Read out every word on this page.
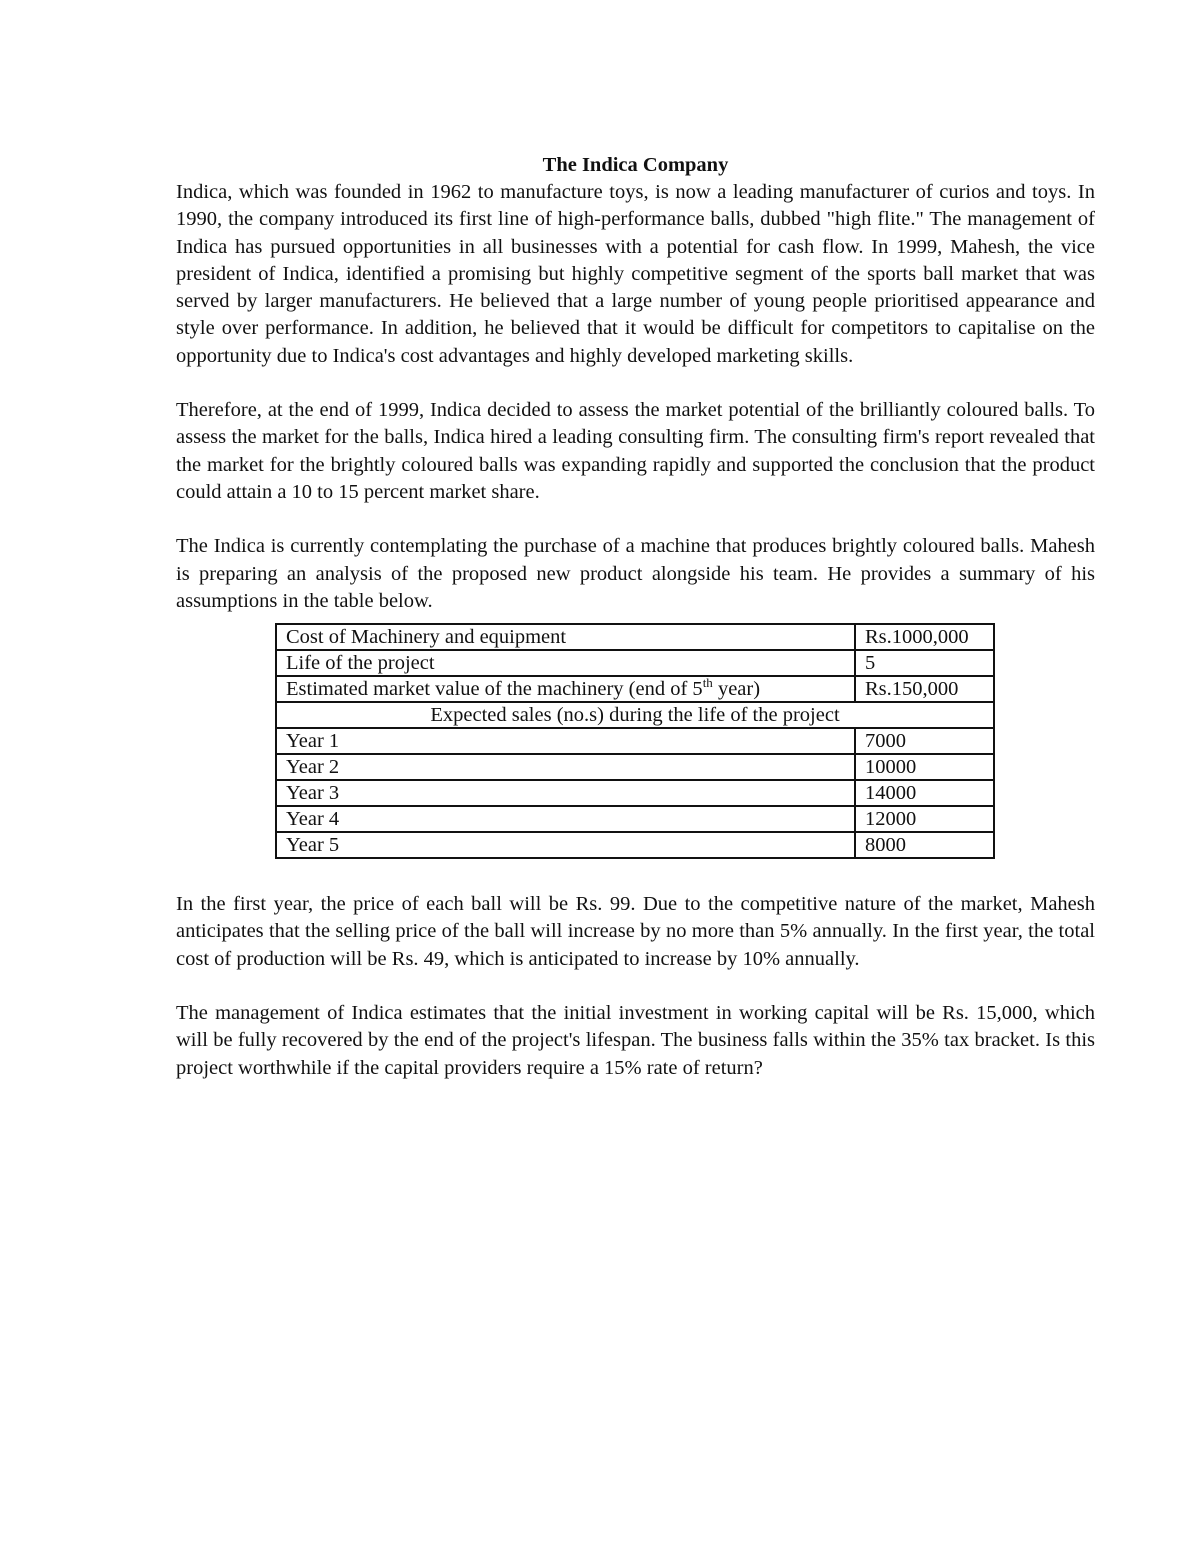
The Indica Company

Indica, which was founded in 1962 to manufacture toys, is now a leading manufacturer of curios and toys. In 1990, the company introduced its first line of high-performance balls, dubbed "high flite." The management of Indica has pursued opportunities in all businesses with a potential for cash flow. In 1999, Mahesh, the vice president of Indica, identified a promising but highly competitive segment of the sports ball market that was served by larger manufacturers. He believed that a large number of young people prioritised appearance and style over performance. In addition, he believed that it would be difficult for competitors to capitalise on the opportunity due to Indica's cost advantages and highly developed marketing skills.

Therefore, at the end of 1999, Indica decided to assess the market potential of the brilliantly coloured balls. To assess the market for the balls, Indica hired a leading consulting firm. The consulting firm's report revealed that the market for the brightly coloured balls was expanding rapidly and supported the conclusion that the product could attain a 10 to 15 percent market share.

The Indica is currently contemplating the purchase of a machine that produces brightly coloured balls. Mahesh is preparing an analysis of the proposed new product alongside his team. He provides a summary of his assumptions in the table below.

Cost of Machinery and equipment	Rs.1000,000
Life of the project	5
Estimated market value of the machinery (end of 5th year)	Rs.150,000
Expected sales (no.s) during the life of the project	
Year 1	7000
Year 2	10000
Year 3	14000
Year 4	12000
Year 5	8000

In the first year, the price of each ball will be Rs. 99. Due to the competitive nature of the market, Mahesh anticipates that the selling price of the ball will increase by no more than 5% annually. In the first year, the total cost of production will be Rs. 49, which is anticipated to increase by 10% annually.

The management of Indica estimates that the initial investment in working capital will be Rs. 15,000, which will be fully recovered by the end of the project's lifespan. The business falls within the 35% tax bracket. Is this project worthwhile if the capital providers require a 15% rate of return?
